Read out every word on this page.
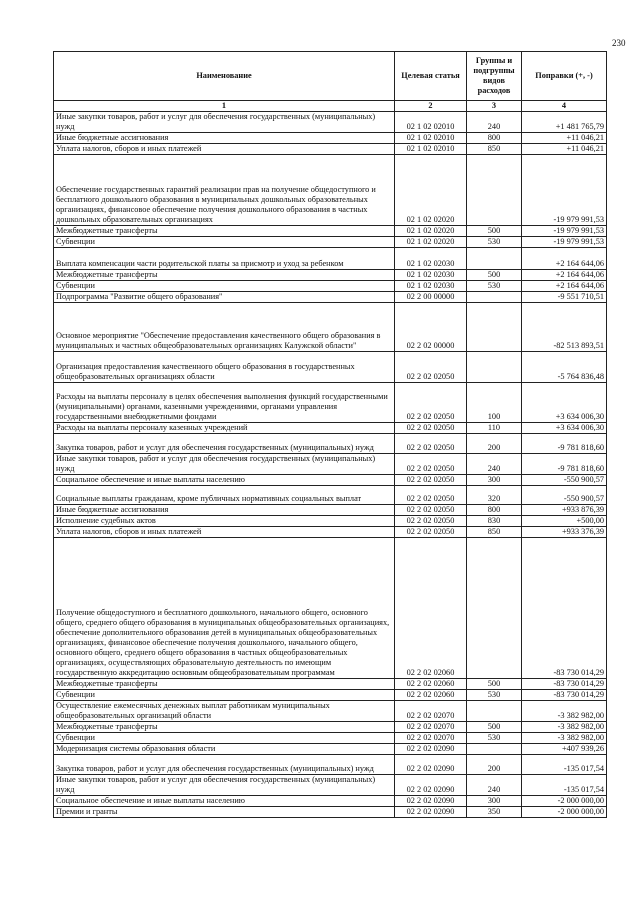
230
Наименование	Целевая статья	Группы и подгруппы видов расходов	Поправки (+, -)
1	2	3	4
Иные закупки товаров, работ и услуг для обеспечения государственных (муниципальных) нужд	02 1 02 02010	240	+1 481 765,79
Иные бюджетные ассигнования	02 1 02 02010	800	+11 046,21
Уплата налогов, сборов и иных платежей	02 1 02 02010	850	+11 046,21
Обеспечение государственных гарантий реализации прав на получение общедоступного и бесплатного дошкольного образования в муниципальных дошкольных образовательных организациях, финансовое обеспечение получения дошкольного образования в частных дошкольных образовательных организациях	02 1 02 02020		-19 979 991,53
Межбюджетные трансферты	02 1 02 02020	500	-19 979 991,53
Субвенции	02 1 02 02020	530	-19 979 991,53
Выплата компенсации части родительской платы за присмотр и уход за ребенком	02 1 02 02030		+2 164 644,06
Межбюджетные трансферты	02 1 02 02030	500	+2 164 644,06
Субвенции	02 1 02 02030	530	+2 164 644,06
Подпрограмма "Развитие общего образования"	02 2 00 00000		-9 551 710,51
Основное мероприятие "Обеспечение предоставления качественного общего образования в муниципальных и частных общеобразовательных организациях Калужской области"	02 2 02 00000		-82 513 893,51
Организация предоставления качественного общего образования в государственных общеобразовательных организациях области	02 2 02 02050		-5 764 836,48
Расходы на выплаты персоналу в целях обеспечения выполнения функций государственными (муниципальными) органами, казенными учреждениями, органами управления государственными внебюджетными фондами	02 2 02 02050	100	+3 634 006,30
Расходы на выплаты персоналу казенных учреждений	02 2 02 02050	110	+3 634 006,30
Закупка товаров, работ и услуг для обеспечения государственных (муниципальных) нужд	02 2 02 02050	200	-9 781 818,60
Иные закупки товаров, работ и услуг для обеспечения государственных (муниципальных) нужд	02 2 02 02050	240	-9 781 818,60
Социальное обеспечение и иные выплаты населению	02 2 02 02050	300	-550 900,57
Социальные выплаты гражданам, кроме публичных нормативных социальных выплат	02 2 02 02050	320	-550 900,57
Иные бюджетные ассигнования	02 2 02 02050	800	+933 876,39
Исполнение судебных актов	02 2 02 02050	830	+500,00
Уплата налогов, сборов и иных платежей	02 2 02 02050	850	+933 376,39
Получение общедоступного и бесплатного дошкольного, начального общего, основного общего, среднего общего образования в муниципальных общеобразовательных организациях, обеспечение дополнительного образования детей в муниципальных общеобразовательных организациях, финансовое обеспечение получения дошкольного, начального общего, основного общего, среднего общего образования в частных общеобразовательных организациях, осуществляющих образовательную деятельность по имеющим государственную аккредитацию основным общеобразовательным программам	02 2 02 02060		-83 730 014,29
Межбюджетные трансферты	02 2 02 02060	500	-83 730 014,29
Субвенции	02 2 02 02060	530	-83 730 014,29
Осуществление ежемесячных денежных выплат работникам муниципальных общеобразовательных организаций области	02 2 02 02070		-3 382 982,00
Межбюджетные трансферты	02 2 02 02070	500	-3 382 982,00
Субвенции	02 2 02 02070	530	-3 382 982,00
Модернизация системы образования области	02 2 02 02090		+407 939,26
Закупка товаров, работ и услуг для обеспечения государственных (муниципальных) нужд	02 2 02 02090	200	-135 017,54
Иные закупки товаров, работ и услуг для обеспечения государственных (муниципальных) нужд	02 2 02 02090	240	-135 017,54
Социальное обеспечение и иные выплаты населению	02 2 02 02090	300	-2 000 000,00
Премии и гранты	02 2 02 02090	350	-2 000 000,00
